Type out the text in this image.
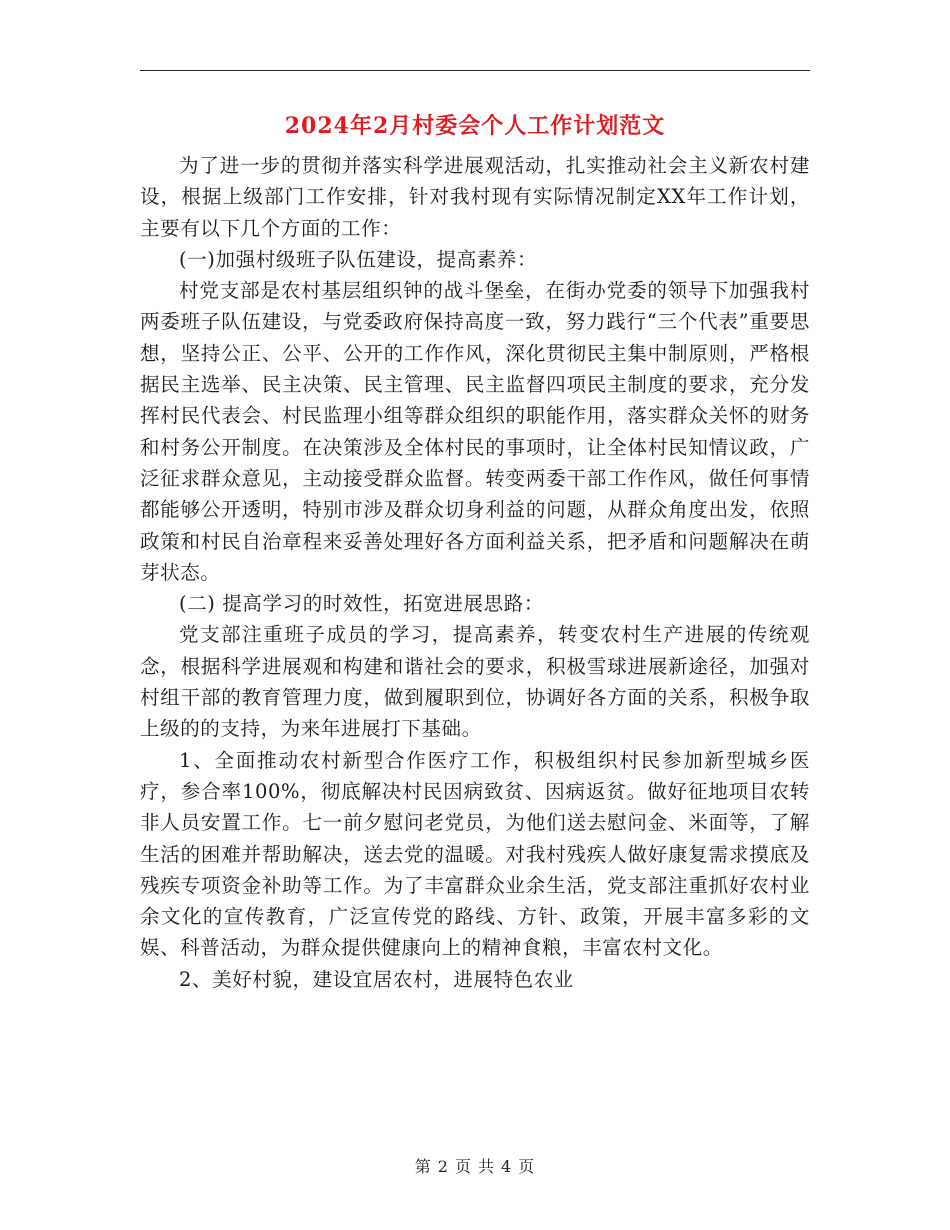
2024年2月村委会个人工作计划范文

为了进一步的贯彻并落实科学进展观活动，扎实推动社会主义新农村建设，根据上级部门工作安排，针对我村现有实际情况制定XX年工作计划，主要有以下几个方面的工作：

(一)加强村级班子队伍建设，提高素养：

村党支部是农村基层组织钟的战斗堡垒，在街办党委的领导下加强我村两委班子队伍建设，与党委政府保持高度一致，努力践行“三个代表”重要思想，坚持公正、公平、公开的工作作风，深化贯彻民主集中制原则，严格根据民主选举、民主决策、民主管理、民主监督四项民主制度的要求，充分发挥村民代表会、村民监理小组等群众组织的职能作用，落实群众关怀的财务和村务公开制度。在决策涉及全体村民的事项时，让全体村民知情议政，广泛征求群众意见，主动接受群众监督。转变两委干部工作作风，做任何事情都能够公开透明，特别市涉及群众切身利益的问题，从群众角度出发，依照政策和村民自治章程来妥善处理好各方面利益关系，把矛盾和问题解决在萌芽状态。

(二) 提高学习的时效性，拓宽进展思路：

党支部注重班子成员的学习，提高素养，转变农村生产进展的传统观念，根据科学进展观和构建和谐社会的要求，积极雪球进展新途径，加强对村组干部的教育管理力度，做到履职到位，协调好各方面的关系，积极争取上级的的支持，为来年进展打下基础。

1、全面推动农村新型合作医疗工作，积极组织村民参加新型城乡医疗，参合率100%，彻底解决村民因病致贫、因病返贫。做好征地项目农转非人员安置工作。七一前夕慰问老党员，为他们送去慰问金、米面等，了解生活的困难并帮助解决，送去党的温暖。对我村残疾人做好康复需求摸底及残疾专项资金补助等工作。为了丰富群众业余生活，党支部注重抓好农村业余文化的宣传教育，广泛宣传党的路线、方针、政策，开展丰富多彩的文娱、科普活动，为群众提供健康向上的精神食粮，丰富农村文化。

2、美好村貌，建设宜居农村，进展特色农业

第 2 页 共 4 页
